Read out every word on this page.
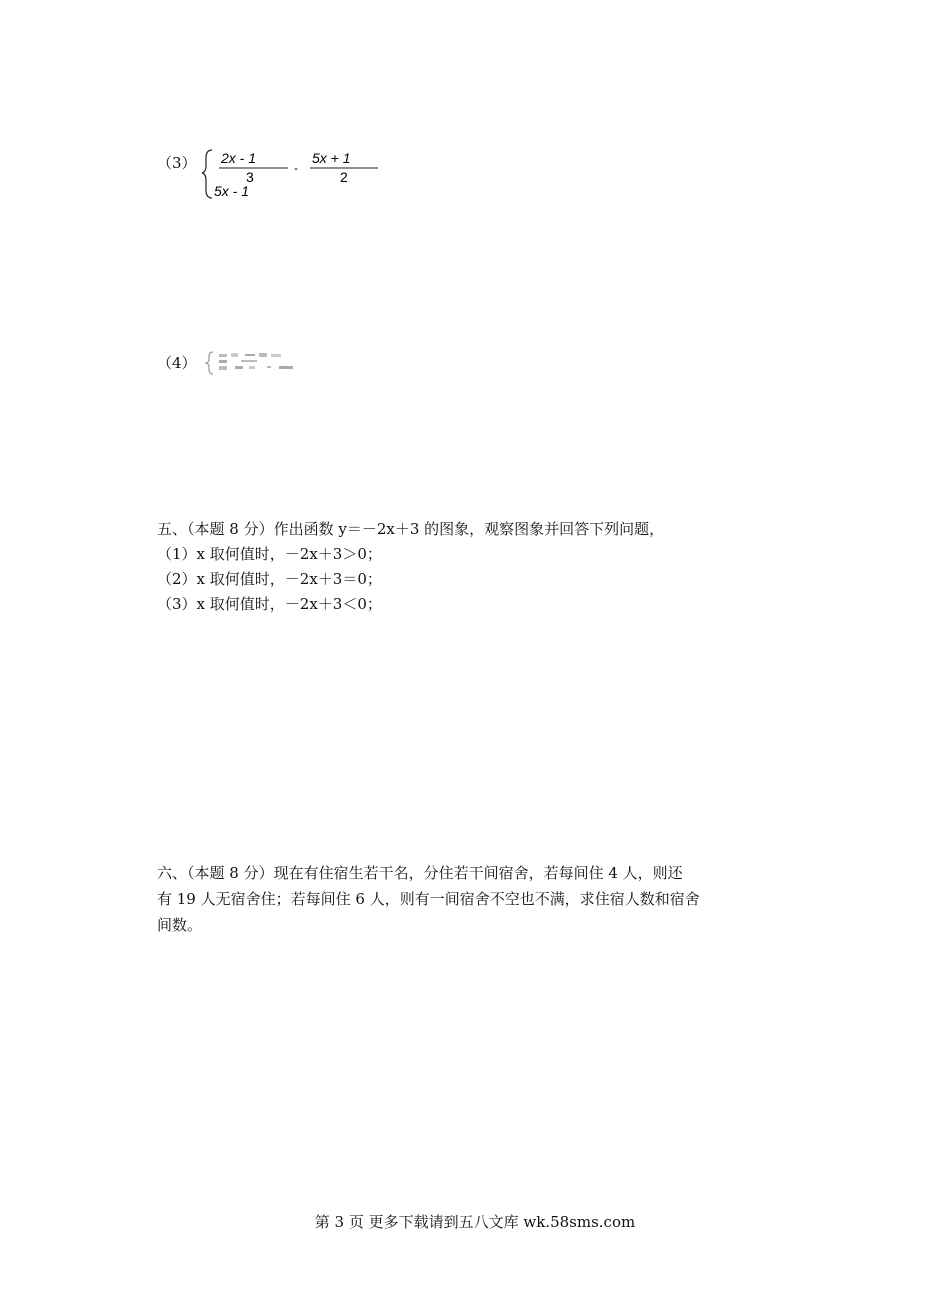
（3） 2x - 1
3
-
5x + 1
2
5x - 1
（4）
五、（本题 8 分）作出函数 y＝－2x＋3 的图象，观察图象并回答下列问题，
（1）x 取何值时，－2x＋3＞0；
（2）x 取何值时，－2x＋3＝0；
（3）x 取何值时，－2x＋3＜0；
六、（本题 8 分）现在有住宿生若干名，分住若干间宿舍，若每间住 4 人，则还
有 19 人无宿舍住；若每间住 6 人，则有一间宿舍不空也不满，求住宿人数和宿舍
间数。
第 3 页 更多下载请到五八文库 wk.58sms.com
